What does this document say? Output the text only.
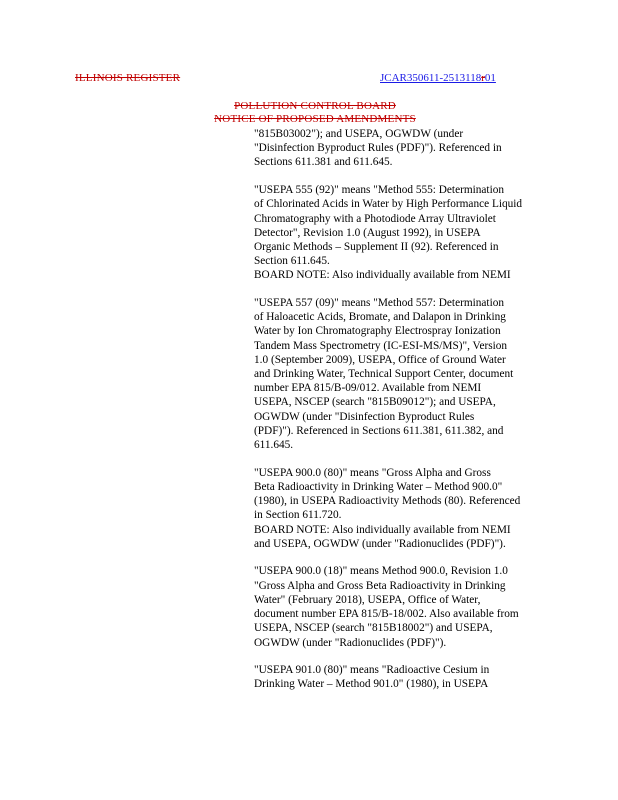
ILLINOIS REGISTER	JCAR350611-2513118r01
POLLUTION CONTROL BOARD
NOTICE OF PROPOSED AMENDMENTS
"815B03002"); and USEPA, OGWDW (under
"Disinfection Byproduct Rules (PDF)"). Referenced in
Sections 611.381 and 611.645.
"USEPA 555 (92)" means "Method 555: Determination
of Chlorinated Acids in Water by High Performance Liquid
Chromatography with a Photodiode Array Ultraviolet
Detector", Revision 1.0 (August 1992), in USEPA
Organic Methods – Supplement II (92). Referenced in
Section 611.645.
BOARD NOTE: Also individually available from NEMI
"USEPA 557 (09)" means "Method 557: Determination
of Haloacetic Acids, Bromate, and Dalapon in Drinking
Water by Ion Chromatography Electrospray Ionization
Tandem Mass Spectrometry (IC-ESI-MS/MS)", Version
1.0 (September 2009), USEPA, Office of Ground Water
and Drinking Water, Technical Support Center, document
number EPA 815/B-09/012. Available from NEMI
USEPA, NSCEP (search "815B09012"); and USEPA,
OGWDW (under "Disinfection Byproduct Rules
(PDF)"). Referenced in Sections 611.381, 611.382, and
611.645.
"USEPA 900.0 (80)" means "Gross Alpha and Gross
Beta Radioactivity in Drinking Water – Method 900.0"
(1980), in USEPA Radioactivity Methods (80). Referenced
in Section 611.720.
BOARD NOTE: Also individually available from NEMI
and USEPA, OGWDW (under "Radionuclides (PDF)").
"USEPA 900.0 (18)" means Method 900.0, Revision 1.0
"Gross Alpha and Gross Beta Radioactivity in Drinking
Water" (February 2018), USEPA, Office of Water,
document number EPA 815/B-18/002. Also available from
USEPA, NSCEP (search "815B18002") and USEPA,
OGWDW (under "Radionuclides (PDF)").
"USEPA 901.0 (80)" means "Radioactive Cesium in
Drinking Water – Method 901.0" (1980), in USEPA
